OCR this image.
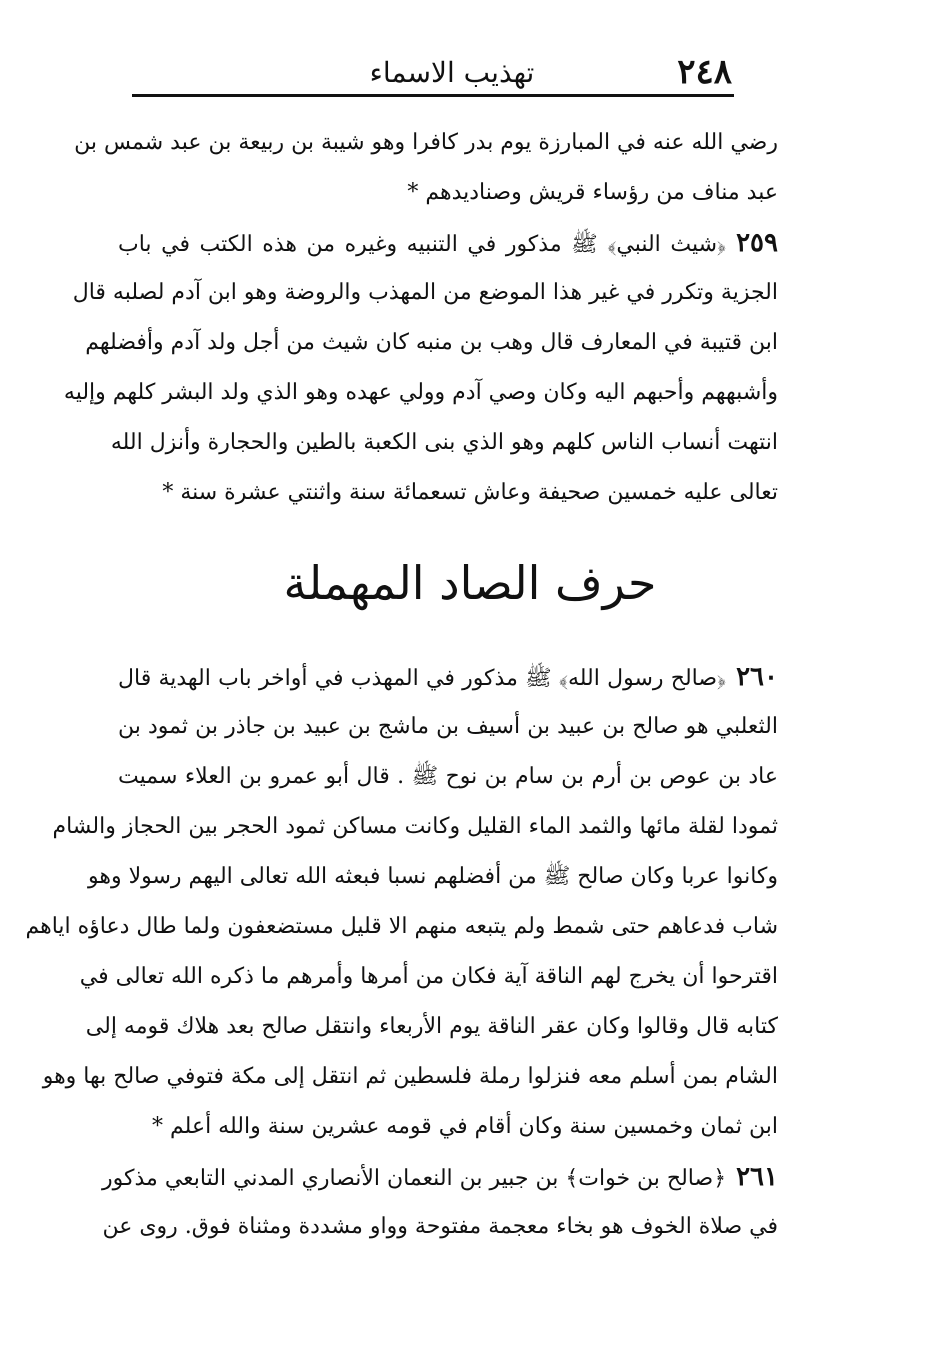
٢٤٨
تهذيب الاسماء
رضي الله عنه في المبارزة يوم بدر كافرا وهو شيبة بن ربيعة بن عبد شمس بن
عبد مناف من رؤساء قريش وصناديدهم *
٢٥٩﴿شيث النبي﴾ ﷺ مذكور في التنبيه وغيره من هذه الكتب في باب
الجزية وتكرر في غير هذا الموضع من المهذب والروضة وهو ابن آدم لصلبه قال
ابن قتيبة في المعارف قال وهب بن منبه كان شيث من أجل ولد آدم وأفضلهم
وأشبههم وأحبهم اليه وكان وصي آدم وولي عهده وهو الذي ولد البشر كلهم وإليه
انتهت أنساب الناس كلهم وهو الذي بنى الكعبة بالطين والحجارة وأنزل الله
تعالى عليه خمسين صحيفة وعاش تسعمائة سنة واثنتي عشرة سنة *
حرف الصاد المهملة
٢٦٠﴿صالح رسول الله﴾ ﷺ مذكور في المهذب في أواخر باب الهدية قال
الثعلبي هو صالح بن عبيد بن أسيف بن ماشج بن عبيد بن جاذر بن ثمود بن
عاد بن عوص بن أرم بن سام بن نوح ﷺ . قال أبو عمرو بن العلاء سميت
ثمودا لقلة مائها والثمد الماء القليل وكانت مساكن ثمود الحجر بين الحجاز والشام
وكانوا عربا وكان صالح ﷺ من أفضلهم نسبا فبعثه الله تعالى اليهم رسولا وهو
شاب فدعاهم حتى شمط ولم يتبعه منهم الا قليل مستضعفون ولما طال دعاؤه اياهم
اقترحوا أن يخرج لهم الناقة آية فكان من أمرها وأمرهم ما ذكره الله تعالى في
كتابه قال وقالوا وكان عقر الناقة يوم الأربعاء وانتقل صالح بعد هلاك قومه إلى
الشام بمن أسلم معه فنزلوا رملة فلسطين ثم انتقل إلى مكة فتوفي صالح بها وهو
ابن ثمان وخمسين سنة وكان أقام في قومه عشرين سنة والله أعلم *
٢٦١﴿صالح بن خوات﴾ بن جبير بن النعمان الأنصاري المدني التابعي مذكور
في صلاة الخوف هو بخاء معجمة مفتوحة وواو مشددة ومثناة فوق. روى عن
